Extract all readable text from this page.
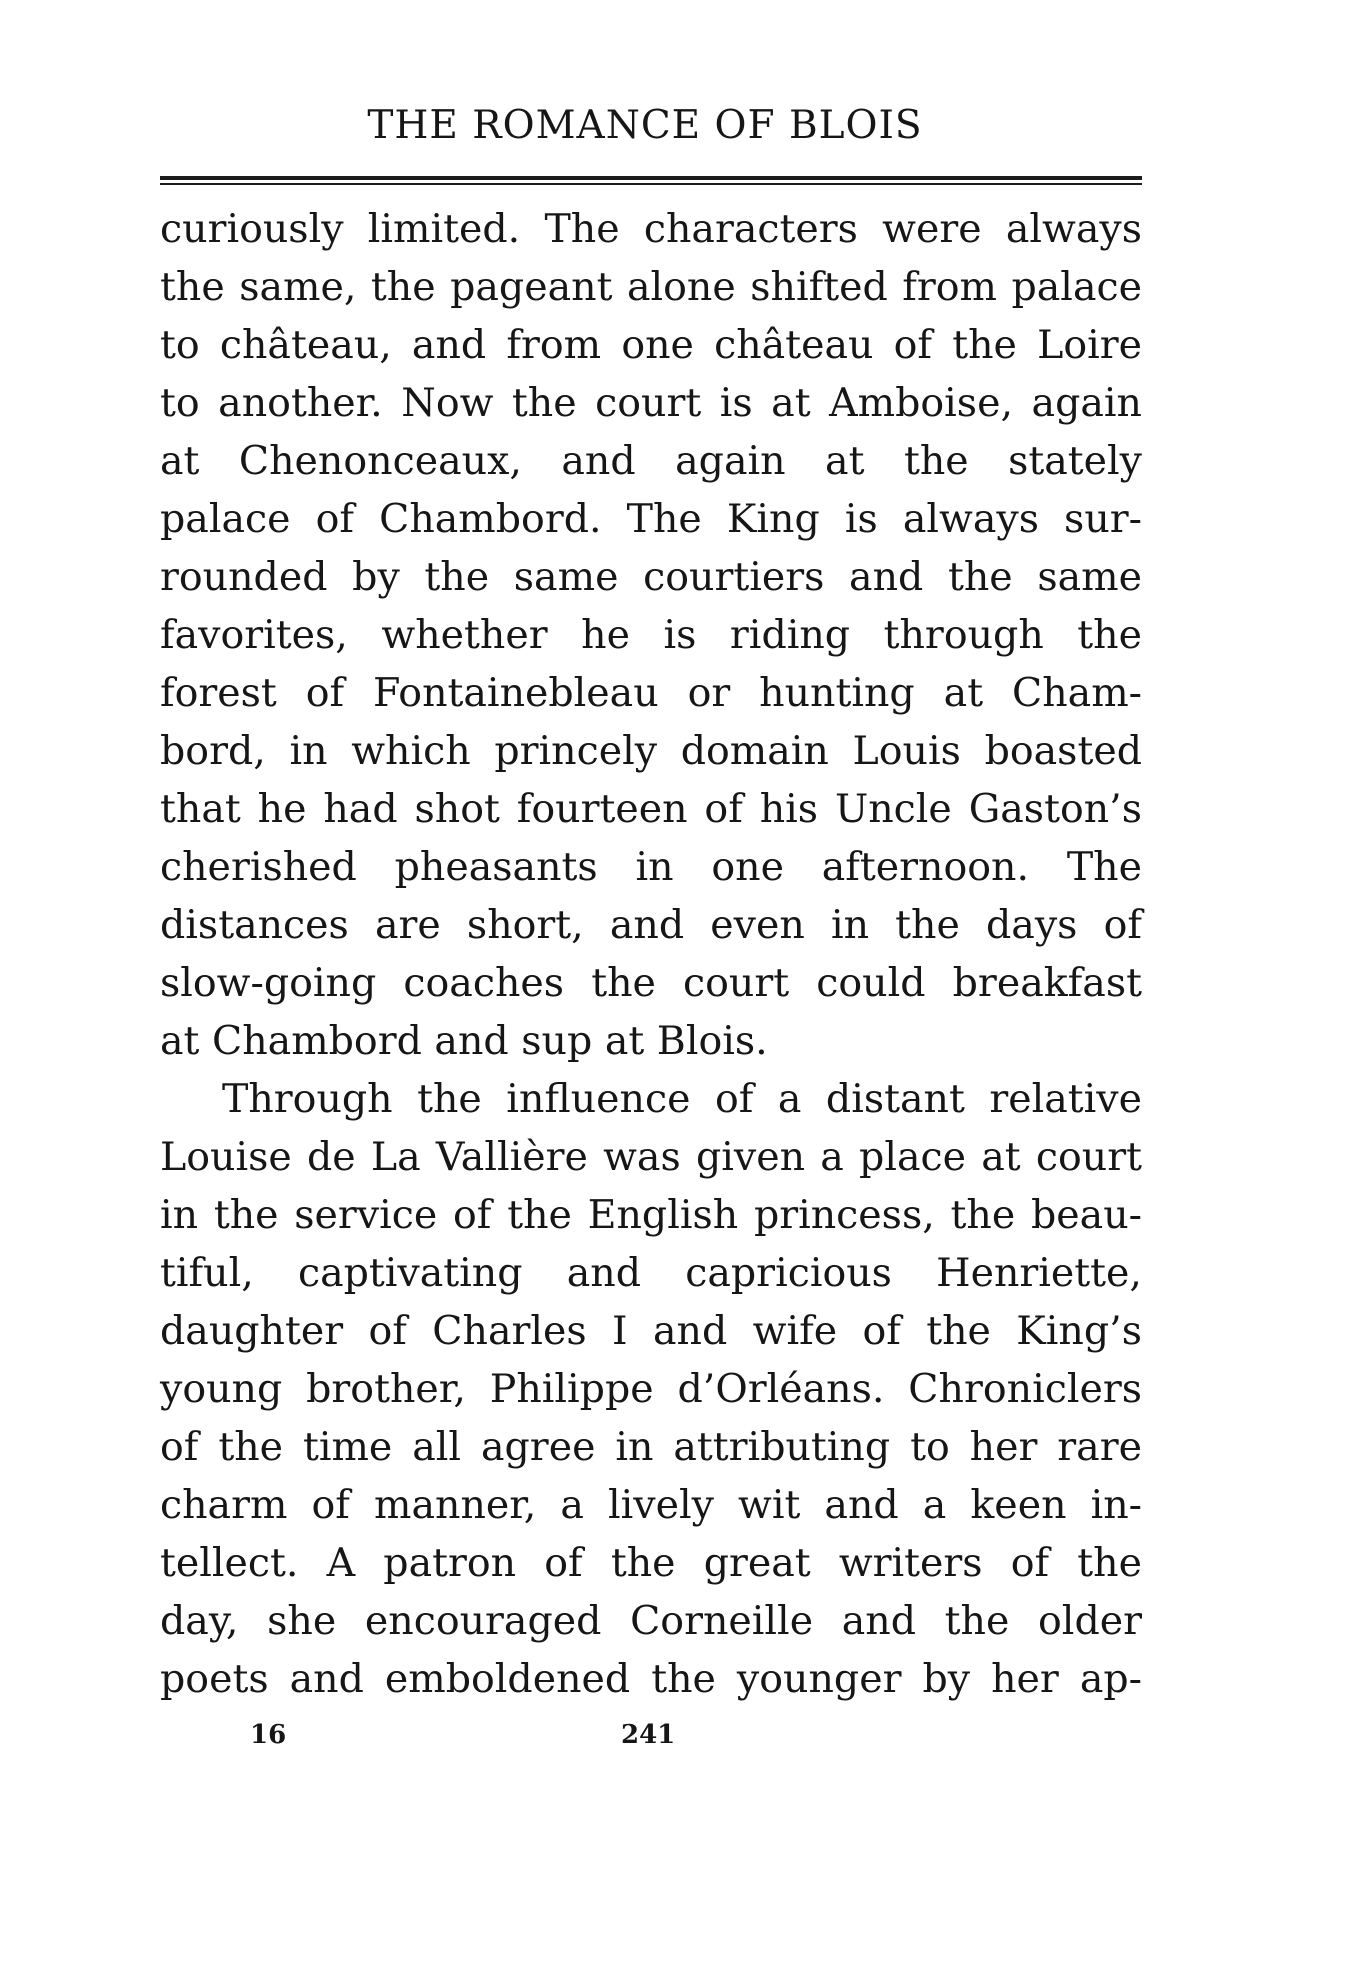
THE ROMANCE OF BLOIS
curiously limited. The characters were always
the same, the pageant alone shifted from palace
to château, and from one château of the Loire
to another. Now the court is at Amboise, again
at Chenonceaux, and again at the stately
palace of Chambord. The King is always sur-
rounded by the same courtiers and the same
favorites, whether he is riding through the
forest of Fontainebleau or hunting at Cham-
bord, in which princely domain Louis boasted
that he had shot fourteen of his Uncle Gaston’s
cherished pheasants in one afternoon. The
distances are short, and even in the days of
slow-going coaches the court could breakfast
at Chambord and sup at Blois.
Through the influence of a distant relative
Louise de La Vallière was given a place at court
in the service of the English princess, the beau-
tiful, captivating and capricious Henriette,
daughter of Charles I and wife of the King’s
young brother, Philippe d’Orléans. Chroniclers
of the time all agree in attributing to her rare
charm of manner, a lively wit and a keen in-
tellect. A patron of the great writers of the
day, she encouraged Corneille and the older
poets and emboldened the younger by her ap-
16	241
